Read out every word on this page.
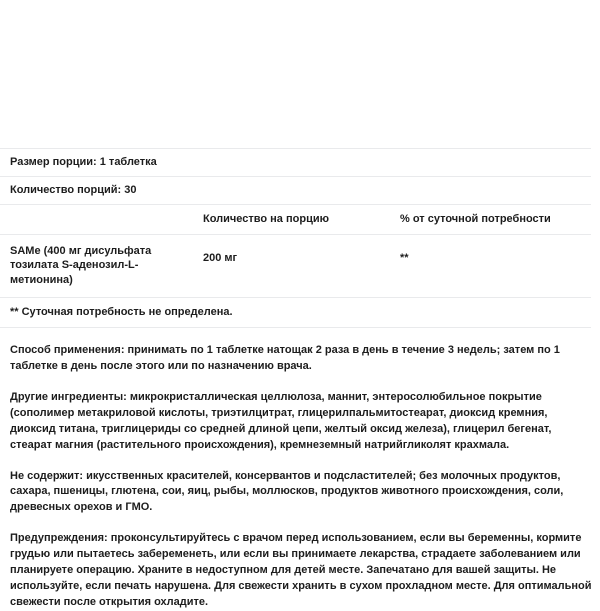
Размер порции: 1 таблетка		
Количество порций: 30		
	Количество на порцию	% от суточной потребности
SAMe (400 мг дисульфата тозилата S-аденозил-L-метионина)	200 мг	**
** Суточная потребность не определена.		

Способ применения: принимать по 1 таблетке натощак 2 раза в день в течение 3 недель; затем по 1 таблетке в день после этого или по назначению врача.

Другие ингредиенты: микрокристаллическая целлюлоза, маннит, энтеросолюбильное покрытие (сополимер метакриловой кислоты, триэтилцитрат, глицерилпальмитостеарат, диоксид кремния, диоксид титана, триглицериды со средней длиной цепи, желтый оксид железа), глицерил бегенат, стеарат магния (растительного происхождения), кремнеземный натрийгликолят крахмала.

Не содержит: икусственных красителей, консервантов и подсластителей; без молочных продуктов, сахара, пшеницы, глютена, сои, яиц, рыбы, моллюсков, продуктов животного происхождения, соли, древесных орехов и ГМО.

Предупреждения: проконсультируйтесь с врачом перед использованием, если вы беременны, кормите грудью или пытаетесь забеременеть, или если вы принимаете лекарства, страдаете заболеванием или планируете операцию. Храните в недоступном для детей месте. Запечатано для вашей защиты. Не используйте, если печать нарушена. Для свежести хранить в сухом прохладном месте. Для оптимальной свежести после открытия охладите.
